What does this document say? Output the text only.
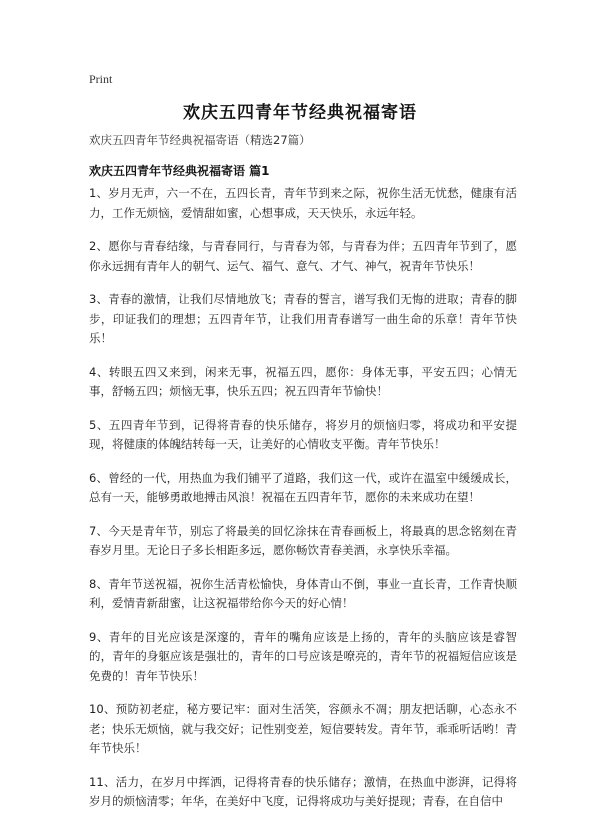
Print
欢庆五四青年节经典祝福寄语
欢庆五四青年节经典祝福寄语（精选27篇）
欢庆五四青年节经典祝福寄语 篇1

1、岁月无声，六一不在，五四长青，青年节到来之际，祝你生活无忧愁，健康有活力，工作无烦恼，爱情甜如蜜，心想事成，天天快乐，永远年轻。

2、愿你与青春结缘，与青春同行，与青春为邻，与青春为伴；五四青年节到了，愿你永远拥有青年人的朝气、运气、福气、意气、才气、神气，祝青年节快乐！

3、青春的激情，让我们尽情地放飞；青春的誓言，谱写我们无悔的进取；青春的脚步，印证我们的理想；五四青年节，让我们用青春谱写一曲生命的乐章！青年节快乐！

4、转眼五四又来到，闲来无事，祝福五四，愿你：身体无事，平安五四；心情无事，舒畅五四；烦恼无事，快乐五四；祝五四青年节愉快！

5、五四青年节到，记得将青春的快乐储存，将岁月的烦恼归零，将成功和平安提现，将健康的体魄结转每一天，让美好的心情收支平衡。青年节快乐！

6、曾经的一代，用热血为我们铺平了道路，我们这一代，或许在温室中缓缓成长，总有一天，能够勇敢地搏击风浪！祝福在五四青年节，愿你的未来成功在望！

7、今天是青年节，别忘了将最美的回忆涂抹在青春画板上，将最真的思念铭刻在青春岁月里。无论日子多长相距多远，愿你畅饮青春美酒，永享快乐幸福。

8、青年节送祝福，祝你生活青松愉快，身体青山不倒，事业一直长青，工作青快顺利，爱情青新甜蜜，让这祝福带给你今天的好心情！

9、青年的目光应该是深邃的，青年的嘴角应该是上扬的，青年的头脑应该是睿智的，青年的身躯应该是强壮的，青年的口号应该是嘹亮的，青年节的祝福短信应该是免费的！青年节快乐！

10、预防初老症，秘方要记牢：面对生活笑，容颜永不凋；朋友把话聊，心态永不老；快乐无烦恼，就与我交好；记性别变差，短信要转发。青年节，乖乖听话哟！青年节快乐！

11、活力，在岁月中挥洒，记得将青春的快乐储存；激情，在热血中澎湃，记得将岁月的烦恼清零；年华，在美好中飞度，记得将成功与美好提现；青春，在自信中
